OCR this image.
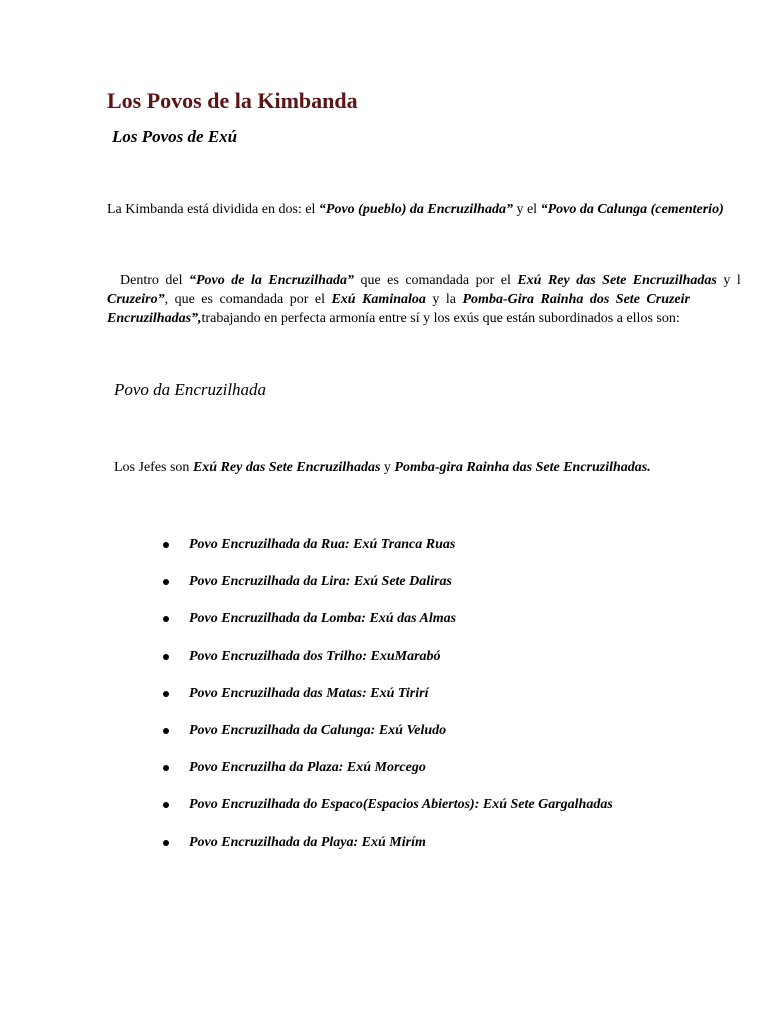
Los Povos de la Kimbanda
Los Povos de Exú
La Kimbanda está dividida en dos: el “Povo (pueblo) da Encruzilhada” y el “Povo da Calunga (cementerio)
Dentro del “Povo de la Encruzilhada” que es comandada por el Exú Rey das Sete Encruzilhadas y l
Cruzeiro”, que es comandada por el Exú Kaminaloa y la Pomba-Gira Rainha dos Sete Cruzeir
Encruzilhadas”,trabajando en perfecta armonía entre sí y los exús que están subordinados a ellos son:
Povo da Encruzilhada
Los Jefes son Exú Rey das Sete Encruzilhadas y Pomba-gira Rainha das Sete Encruzilhadas.
Povo Encruzilhada da Rua: Exú Tranca Ruas
Povo Encruzilhada da Lira: Exú Sete Daliras
Povo Encruzilhada da Lomba: Exú das Almas
Povo Encruzilhada dos Trilho: ExuMarabó
Povo Encruzilhada das Matas: Exú Tirirí
Povo Encruzilhada da Calunga: Exú Veludo
Povo Encruzilha da Plaza: Exú Morcego
Povo Encruzilhada do Espaco(Espacios Abiertos): Exú Sete Gargalhadas
Povo Encruzilhada da Playa: Exú Mirím
